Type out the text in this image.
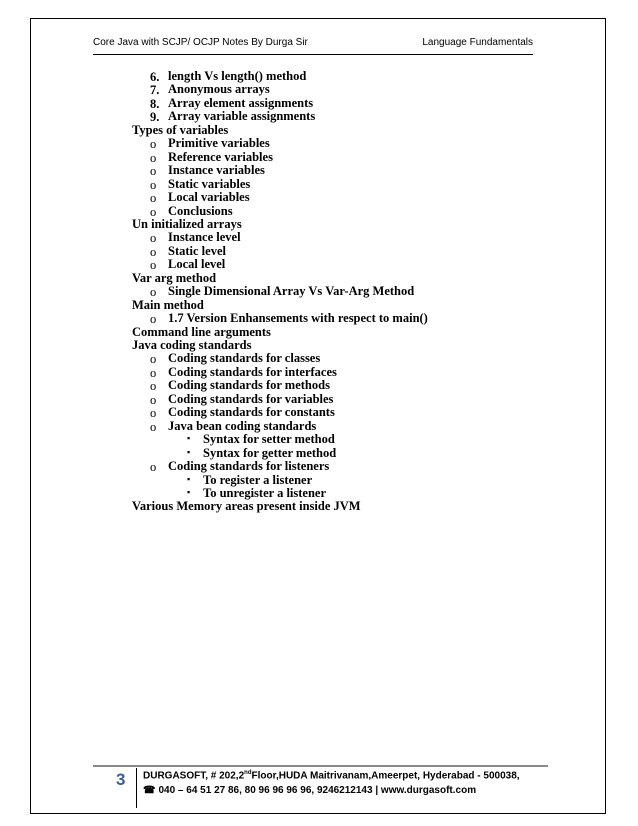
Core Java with SCJP/ OCJP Notes By Durga Sir	Language Fundamentals
6. length Vs length() method
7. Anonymous arrays
8. Array element assignments
9. Array variable assignments
Types of variables
o Primitive variables
o Reference variables
o Instance variables
o Static variables
o Local variables
o Conclusions
Un initialized arrays
o Instance level
o Static level
o Local level
Var arg method
o Single Dimensional Array Vs Var-Arg Method
Main method
o 1.7 Version Enhansements with respect to main()
Command line arguments
Java coding standards
o Coding standards for classes
o Coding standards for interfaces
o Coding standards for methods
o Coding standards for variables
o Coding standards for constants
o Java bean coding standards
▪ Syntax for setter method
▪ Syntax for getter method
o Coding standards for listeners
▪ To register a listener
▪ To unregister a listener
Various Memory areas present inside JVM
3 DURGASOFT, # 202,2ndFloor,HUDA Maitrivanam,Ameerpet, Hyderabad - 500038,
☎ 040 – 64 51 27 86, 80 96 96 96 96, 9246212143 | www.durgasoft.com
